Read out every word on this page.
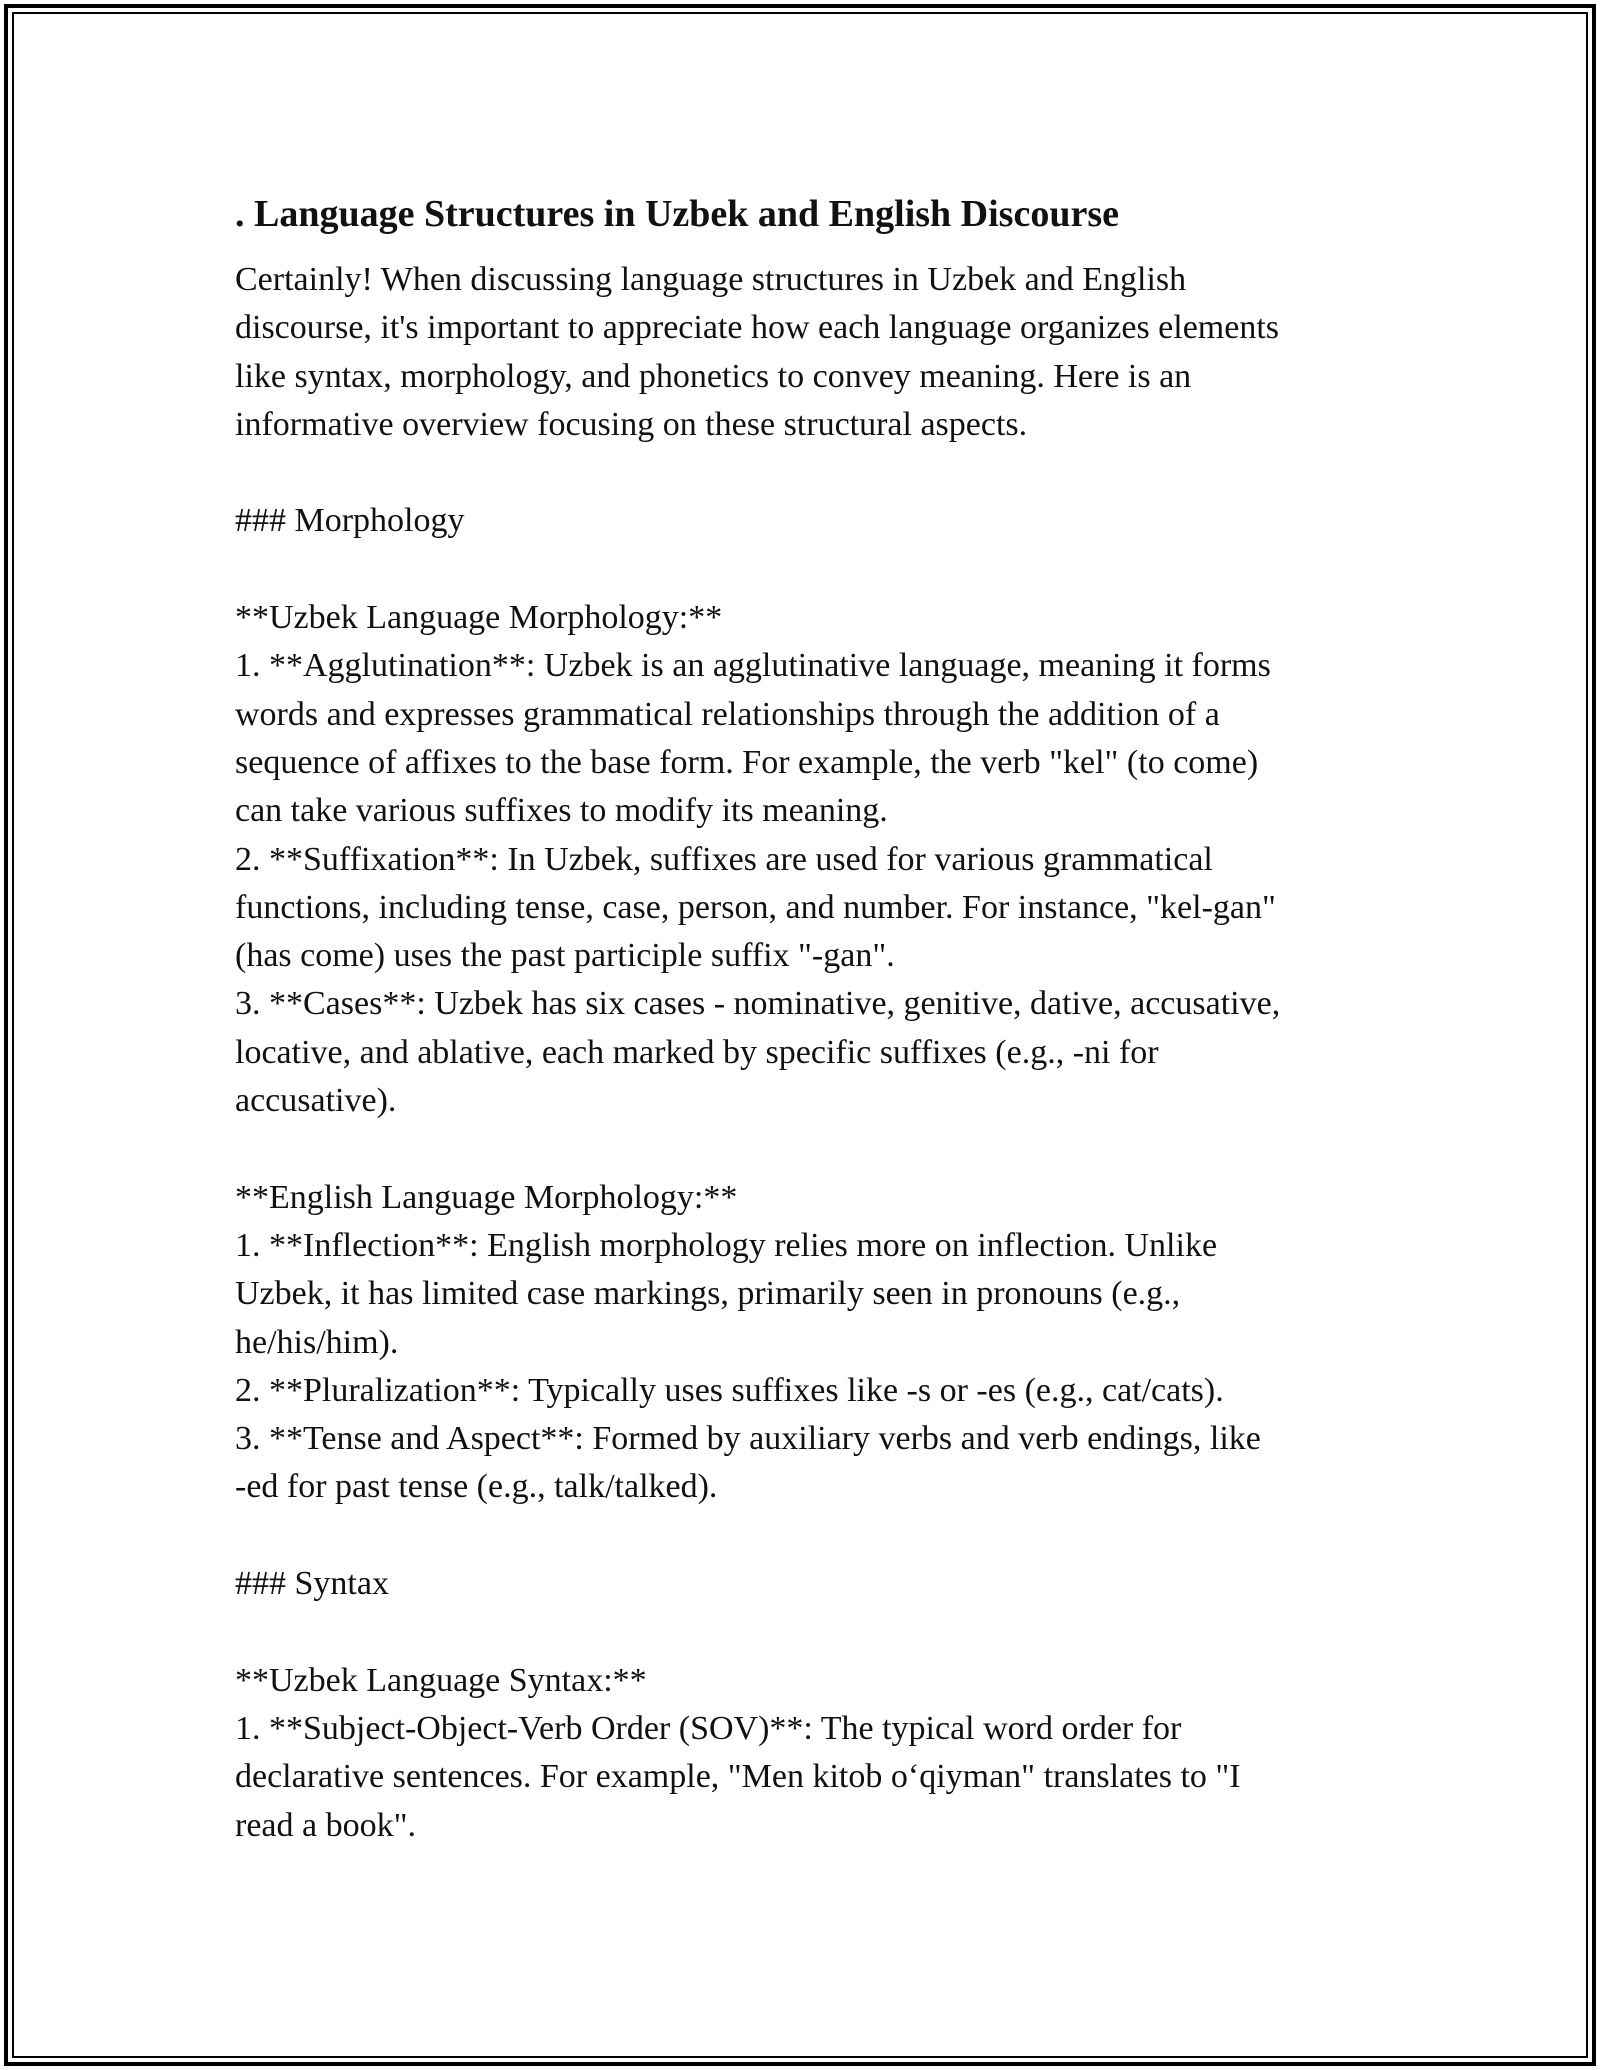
. Language Structures in Uzbek and English Discourse

Certainly! When discussing language structures in Uzbek and English

discourse, it's important to appreciate how each language organizes elements

like syntax, morphology, and phonetics to convey meaning. Here is an

informative overview focusing on these structural aspects.

### Morphology

**Uzbek Language Morphology:**

1. **Agglutination**: Uzbek is an agglutinative language, meaning it forms

words and expresses grammatical relationships through the addition of a

sequence of affixes to the base form. For example, the verb "kel" (to come)

can take various suffixes to modify its meaning.

2. **Suffixation**: In Uzbek, suffixes are used for various grammatical

functions, including tense, case, person, and number. For instance, "kel-gan"

(has come) uses the past participle suffix "-gan".

3. **Cases**: Uzbek has six cases - nominative, genitive, dative, accusative,

locative, and ablative, each marked by specific suffixes (e.g., -ni for

accusative).

**English Language Morphology:**

1. **Inflection**: English morphology relies more on inflection. Unlike

Uzbek, it has limited case markings, primarily seen in pronouns (e.g.,

he/his/him).

2. **Pluralization**: Typically uses suffixes like -s or -es (e.g., cat/cats).

3. **Tense and Aspect**: Formed by auxiliary verbs and verb endings, like

-ed for past tense (e.g., talk/talked).

### Syntax

**Uzbek Language Syntax:**

1. **Subject-Object-Verb Order (SOV)**: The typical word order for

declarative sentences. For example, "Men kitob o‘qiyman" translates to "I

read a book".
